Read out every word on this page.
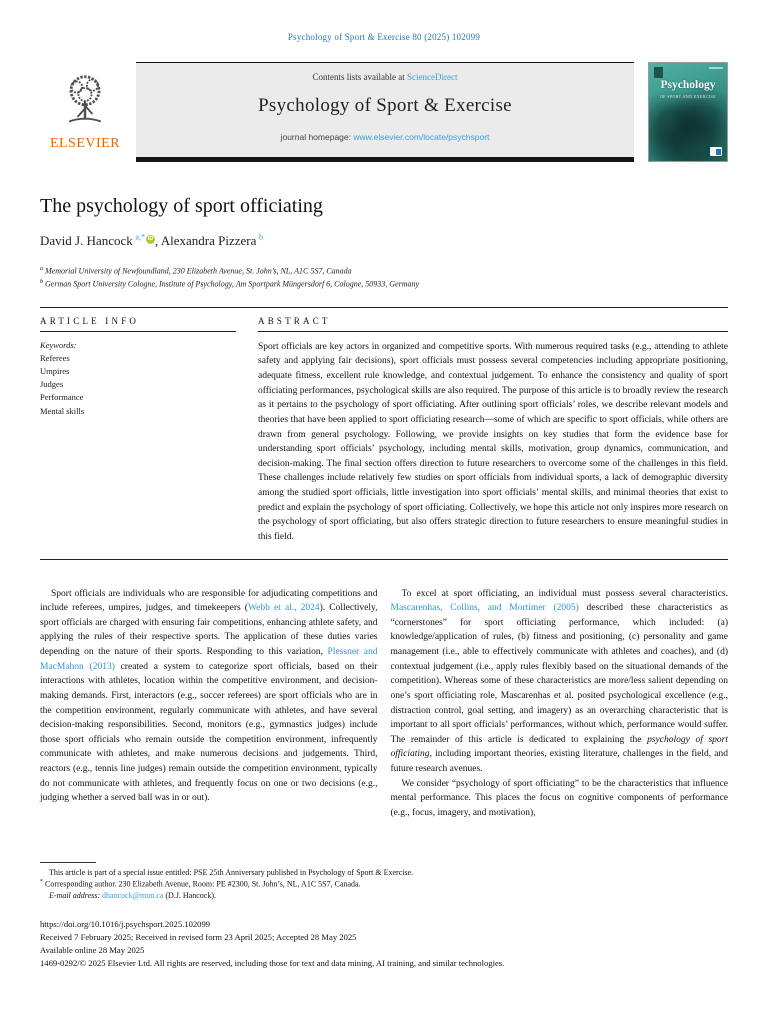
Psychology of Sport & Exercise 80 (2025) 102099
ELSEVIER
Contents lists available at ScienceDirect
Psychology of Sport & Exercise
journal homepage: www.elsevier.com/locate/psychsport
Psychology
OF SPORT AND EXERCISE
The psychology of sport officiating
David J. Hancock  $^{a,*}$ iD , Alexandra Pizzera  $^b$
$^a$ Memorial University of Newfoundland, 230 Elizabeth Avenue, St. John’s, NL, A1C 5S7, Canada
$^b$ German Sport University Cologne, Institute of Psychology, Am Sportpark Müngersdorf 6, Cologne, 50933, Germany
ARTICLE INFO
Keywords:
Referees
Umpires
Judges
Performance
Mental skills
ABSTRACT
Sport officials are key actors in organized and competitive sports. With numerous required tasks (e.g., attending to athlete safety and applying fair decisions), sport officials must possess several competencies including appropriate positioning, adequate fitness, excellent rule knowledge, and contextual judgement. To enhance the consistency and quality of sport officiating performances, psychological skills are also required. The purpose of this article is to broadly review the research as it pertains to the psychology of sport officiating. After outlining sport officials’ roles, we describe relevant models and theories that have been applied to sport officiating research—some of which are specific to sport officials, while others are drawn from general psychology. Following, we provide insights on key studies that form the evidence base for understanding sport officials’ psychology, including mental skills, motivation, group dynamics, communication, and decision-making. The final section offers direction to future researchers to overcome some of the challenges in this field. These challenges include relatively few studies on sport officials from individual sports, a lack of demographic diversity among the studied sport officials, little investigation into sport officials’ mental skills, and minimal theories that exist to predict and explain the psychology of sport officiating. Collectively, we hope this article not only inspires more research on the psychology of sport officiating, but also offers strategic direction to future researchers to ensure meaningful studies in this field.

Sport officials are individuals who are responsible for adjudicating competitions and include referees, umpires, judges, and timekeepers (Webb et al., 2024). Collectively, sport officials are charged with ensuring fair competitions, enhancing athlete safety, and applying the rules of their respective sports. The application of these duties varies depending on the nature of their sports. Responding to this variation, Plessner and MacMahon (2013) created a system to categorize sport officials, based on their interactions with athletes, location within the competitive environment, and decision-making demands. First, interactors (e.g., soccer referees) are sport officials who are in the competition environment, regularly communicate with athletes, and have several decision-making responsibilities. Second, monitors (e.g., gymnastics judges) include those sport officials who remain outside the competition environment, infrequently communicate with athletes, and make numerous decisions and judgements. Third, reactors (e.g., tennis line judges) remain outside the competition environment, typically do not communicate with athletes, and frequently focus on one or two decisions (e.g., judging whether a served ball was in or out).

To excel at sport officiating, an individual must possess several characteristics. Mascarenhas, Collins, and Mortimer (2005) described these characteristics as “cornerstones” for sport officiating performance, which included: (a) knowledge/application of rules, (b) fitness and positioning, (c) personality and game management (i.e., able to effectively communicate with athletes and coaches), and (d) contextual judgement (i.e., apply rules flexibly based on the situational demands of the competition). Whereas some of these characteristics are more/less salient depending on one’s sport officiating role, Mascarenhas et al. posited psychological excellence (e.g., distraction control, goal setting, and imagery) as an overarching characteristic that is important to all sport officials’ performances, without which, performance would suffer. The remainder of this article is dedicated to explaining the psychology of sport officiating, including important theories, existing literature, challenges in the field, and future research avenues.

We consider “psychology of sport officiating” to be the characteristics that influence mental performance. This places the focus on cognitive components of performance (e.g., focus, imagery, and motivation),

This article is part of a special issue entitled: PSE 25th Anniversary published in Psychology of Sport & Exercise.
* Corresponding author. 230 Elizabeth Avenue, Room: PE #2300, St. John’s, NL, A1C 5S7, Canada.
E-mail address: dhancock@mun.ca (D.J. Hancock).
https://doi.org/10.1016/j.psychsport.2025.102099
Received 7 February 2025; Received in revised form 23 April 2025; Accepted 28 May 2025
Available online 28 May 2025
1469-0292/© 2025 Elsevier Ltd. All rights are reserved, including those for text and data mining, AI training, and similar technologies.
